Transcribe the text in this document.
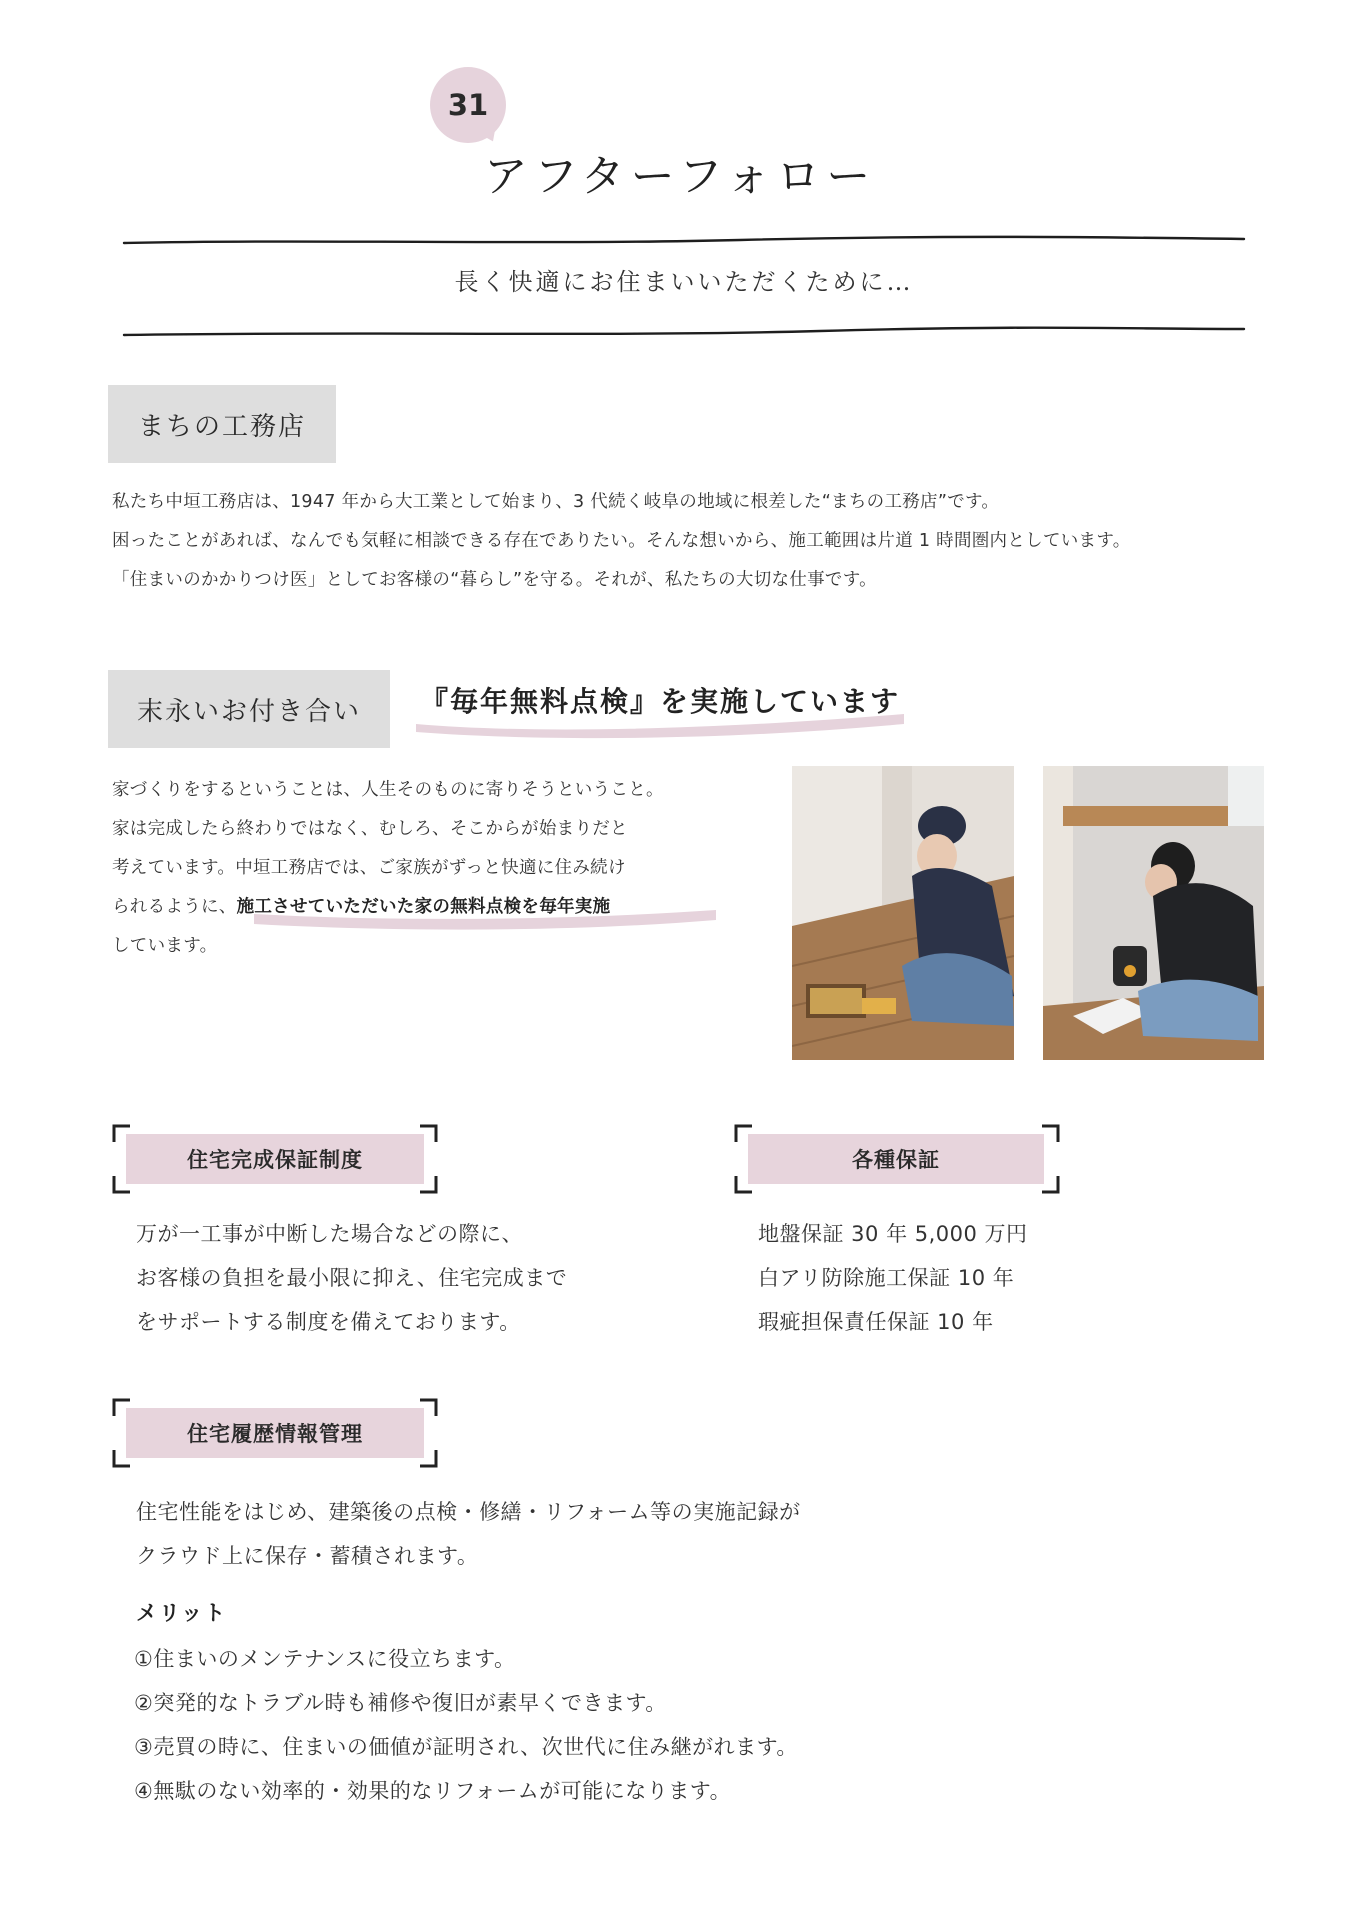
31
アフターフォロー
長く快適にお住まいいただくために…
まちの工務店
私たち中垣工務店は、1947 年から大工業として始まり、3 代続く岐阜の地域に根差した“まちの工務店”です。
困ったことがあれば、なんでも気軽に相談できる存在でありたい。そんな想いから、施工範囲は片道 1 時間圏内としています。
「住まいのかかりつけ医」としてお客様の“暮らし”を守る。それが、私たちの大切な仕事です。
末永いお付き合い	『毎年無料点検』を実施しています
家づくりをするということは、人生そのものに寄りそうということ。
家は完成したら終わりではなく、むしろ、そこからが始まりだと
考えています。中垣工務店では、ご家族がずっと快適に住み続け
られるように、施工させていただいた家の無料点検を毎年実施
しています。
住宅完成保証制度	各種保証
万が一工事が中断した場合などの際に、
お客様の負担を最小限に抑え、住宅完成まで
をサポートする制度を備えております。
地盤保証 30 年 5,000 万円
白アリ防除施工保証 10 年
瑕疵担保責任保証 10 年
住宅履歴情報管理
住宅性能をはじめ、建築後の点検・修繕・リフォーム等の実施記録が
クラウド上に保存・蓄積されます。
メリット
①住まいのメンテナンスに役立ちます。
②突発的なトラブル時も補修や復旧が素早くできます。
③売買の時に、住まいの価値が証明され、次世代に住み継がれます。
④無駄のない効率的・効果的なリフォームが可能になります。
